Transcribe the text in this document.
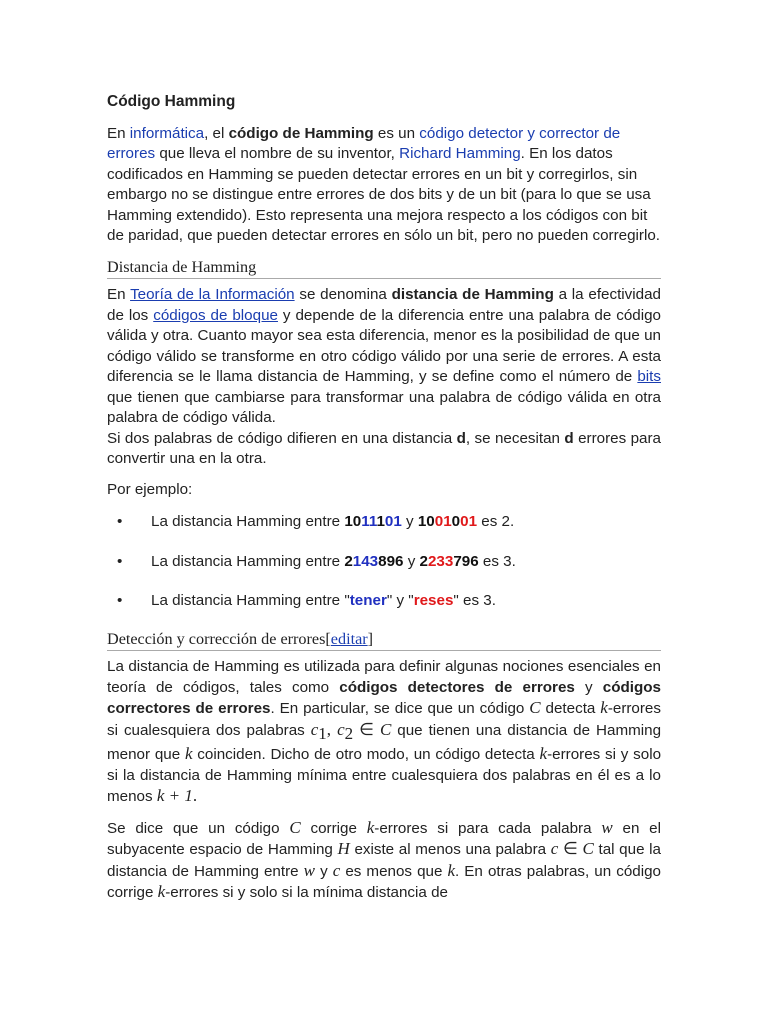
Código Hamming

En informática, el código de Hamming es un código detector y corrector de errores que lleva el nombre de su inventor, Richard Hamming. En los datos codificados en Hamming se pueden detectar errores en un bit y corregirlos, sin embargo no se distingue entre errores de dos bits y de un bit (para lo que se usa Hamming extendido). Esto representa una mejora respecto a los códigos con bit de paridad, que pueden detectar errores en sólo un bit, pero no pueden corregirlo.

Distancia de Hamming

En Teoría de la Información se denomina distancia de Hamming a la efectividad de los códigos de bloque y depende de la diferencia entre una palabra de código válida y otra. Cuanto mayor sea esta diferencia, menor es la posibilidad de que un código válido se transforme en otro código válido por una serie de errores. A esta diferencia se le llama distancia de Hamming, y se define como el número de bits que tienen que cambiarse para transformar una palabra de código válida en otra palabra de código válida.

Si dos palabras de código difieren en una distancia d, se necesitan d errores para convertir una en la otra.

Por ejemplo:

• La distancia Hamming entre 1011101 y 1001001 es 2.
• La distancia Hamming entre 2143896 y 2233796 es 3.
• La distancia Hamming entre "tener" y "reses" es 3.
Detección y corrección de errores[editar]

La distancia de Hamming es utilizada para definir algunas nociones esenciales en teoría de códigos, tales como códigos detectores de errores y códigos correctores de errores. En particular, se dice que un código C detecta k-errores si cualesquiera dos palabras $c_1$, $c_2$ ∈ C que tienen una distancia de Hamming menor que k coinciden. Dicho de otro modo, un código detecta k-errores si y solo si la distancia de Hamming mínima entre cualesquiera dos palabras en él es a lo menos k + 1.

Se dice que un código C corrige k-errores si para cada palabra w en el subyacente espacio de Hamming H existe al menos una palabra c ∈ C tal que la distancia de Hamming entre w y c es menos que k. En otras palabras, un código corrige k-errores si y solo si la mínima distancia de
